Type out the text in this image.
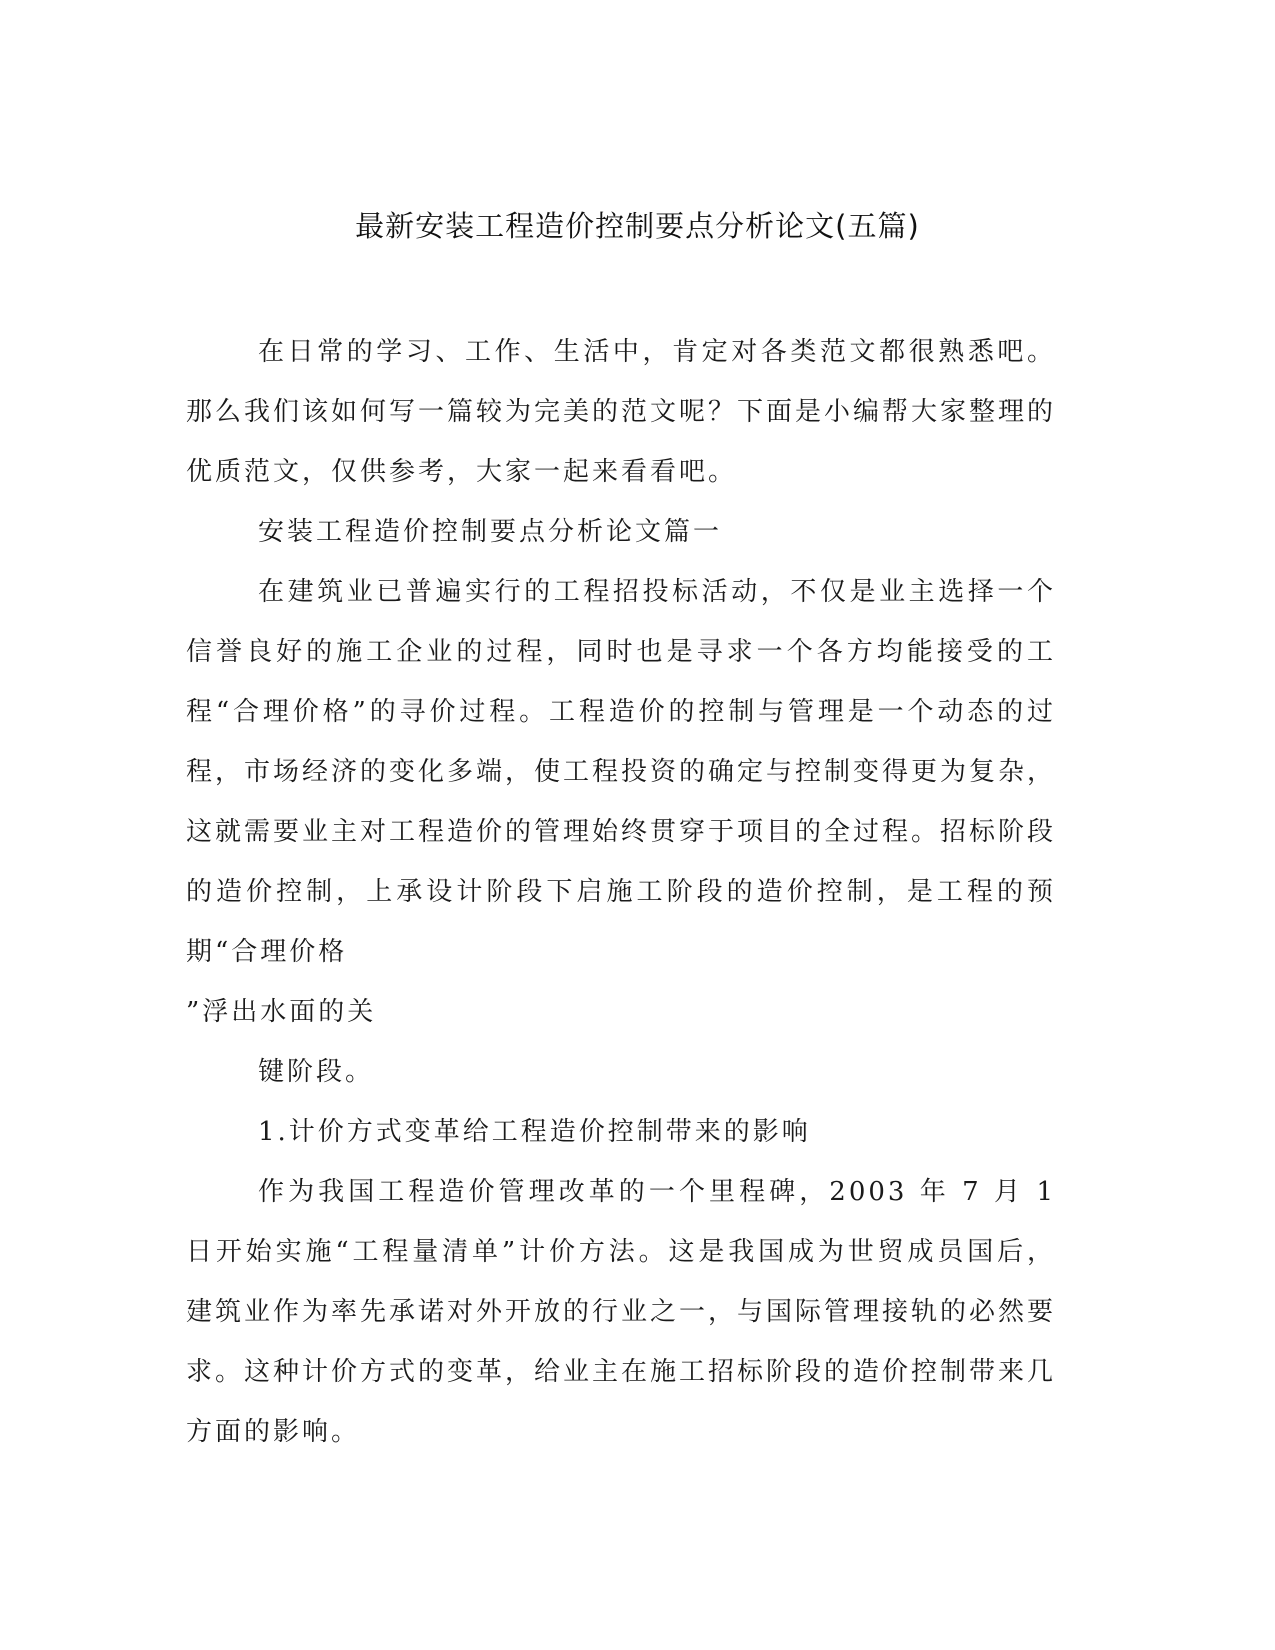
最新安装工程造价控制要点分析论文(五篇)

在日常的学习、工作、生活中，肯定对各类范文都很熟悉吧。那么我们该如何写一篇较为完美的范文呢？下面是小编帮大家整理的优质范文，仅供参考，大家一起来看看吧。

安装工程造价控制要点分析论文篇一

在建筑业已普遍实行的工程招投标活动，不仅是业主选择一个信誉良好的施工企业的过程，同时也是寻求一个各方均能接受的工程“合理价格”的寻价过程。工程造价的控制与管理是一个动态的过程，市场经济的变化多端，使工程投资的确定与控制变得更为复杂，这就需要业主对工程造价的管理始终贯穿于项目的全过程。招标阶段的造价控制，上承设计阶段下启施工阶段的造价控制，是工程的预期“合理价格

”浮出水面的关

键阶段。

1.计价方式变革给工程造价控制带来的影响

作为我国工程造价管理改革的一个里程碑，2003 年 7 月 1 日开始实施“工程量清单”计价方法。这是我国成为世贸成员国后，建筑业作为率先承诺对外开放的行业之一，与国际管理接轨的必然要求。这种计价方式的变革，给业主在施工招标阶段的造价控制带来几方面的影响。
